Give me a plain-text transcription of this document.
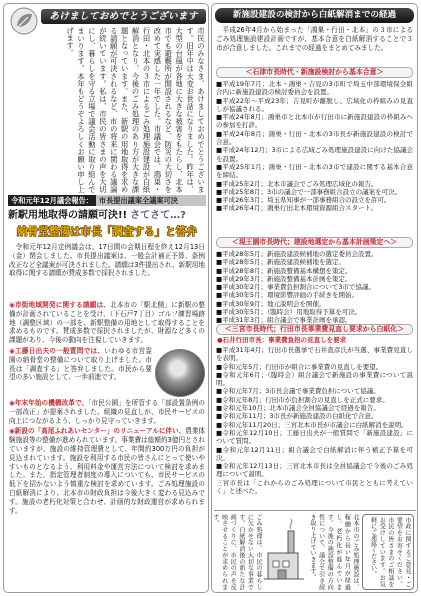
あけましておめでとうございます
市民のみなさま、あけましておめでとうございます。旧年中は大変お世話になりました。昨年は、大型の台風が各地に大きな被害をもたらし、北本市でも避難所が開設されるなど、防災の大切さを改めて実感した一年でした。市議会では、鴻巣・行田・北本の３市によるごみ処理施設建設が白紙解消となり、今後のごみ処理のあり方が大きな課題となっています。また、新駅の用地取得を求める請願が可決されるなど、市の将来に関わる議論が続いています。私は、市民の皆さまの声を大切にし、暮らしを守る立場で議会活動に取り組んでまいります。本年もどうぞよろしくお願い申し上げます。
令和元年12月議会報告： 市長提出議案全議案可決
新駅用地取得の請願可決!! さてさて…?
納骨堂整備は市長「調査する」と答弁
令和元年12月定例議会は、17日間の会期日程を終え12月13日（金）閉会しました。市長提出議案は、一般会計補正予算、条例改正など全議案が可決されました。請願は3件提出され、新駅用地取得に関する請願が賛成多数で採択されました。
◉市街地域開発に関する請願は、北本市の「駅北側」に新駅の整備が計画されていることを受け、（下石戸7丁目）ゴルフ練習場跡地（調整区域）の一部を、新駅整備の用地として取得することを求めるものです。賛成多数で採択されましたが、財源など多くの課題があり、今後の動向を注視していきます。
◉工藤日出夫の一般質問では、いわゆる市営霊園の納骨堂の整備について取り上げました。市長は「調査する」と答弁しました。市民から要望の多い施設として、一歩前進です。
◉年末年始の機構改革で、「市民公園」を所管する「部設置条例の一部改正」が提案されました。組織の見直しが、市民サービスの向上につながるよう、しっかり見守っていきます。
◉新設の「高尾ふれあいセンター」のリニューアルに伴い、農業体験施設等の整備が進められています。事業費は総額約3億円とされていますが、施設の維持管理費として、年間約300万円の負担が見込まれています。施設を利用する市民の皆さんにとって使いやすいものとなるよう、利用料金や運営方法について検討を求めました。また、指定管理者制度の導入についても、市民サービスの低下を招かないよう慎重な検討を求めています。ごみ処理施設の白紙解消により、北本市の財政負担は今後大きく変わる見込みです。施設の老朽化対策と合わせ、計画的な財政運営が求められます。
新施設建設の検討から白紙解消までの経過
平成26年4月から始まった「鴻巣・行田・北本」の３市によるごみ処理施設建設計画ですが、基本合意を白紙解消することで３市が合意しました。これまでの経過をまとめてみました。
＜石津市長時代・新施設検討から基本合意＞

■平成19年7月；北本・鴻巣・吉見の3市町で埼玉中部環境保全組合内に新施設建設の検討委員会を設置。

■平成22年～平成23年；吉見町が離脱し、広域化の枠組みの見直しが協議される。

■平成24年8月；鴻巣市と北本市が行田市に新施設建設の枠組みへの参加を打診。

■平成24年8月；鴻巣・行田・北本の3市長が新施設建設の検討で合意。

■平成24年12月；3市による広域ごみ処理施設建設に向けた協議会を設置。

■平成25年1月；鴻巣・行田・北本の3市で建設に関する基本合意を締結。

■平成25年2月；北本市議会でごみ処理広域化の報告。

■平成25年8月；3市の議会で一部事務組合設立の議案を可決。

■平成26年3月；埼玉県知事が一部事務組合の設立を許可。

■平成26年4月；鴻巣行田北本環境資源組合スタート。

＜現王園市長時代；建設地選定から基本計画策定へ＞

■平成28年5月；新施設建設候補地の選定委員会設置。

■平成28年5月；新施設建設候補地を選定。

■平成28年8月；新施設整備基本構想を策定。

■平成29年3月；新施設整備基本計画を策定。

■平成30年2月；事業費負担割合について3市で協議。

■平成30年5月；環境影響評価の手続きを開始。

■平成30年9月；地元説明会を開催。

■平成30年5月；（臨時会）用地取得予算を可決。

■平成31年3月；組合議会で事業計画を承認。

＜三宮市長時代；行田市長事業費見直し要求から白紙化＞
●石井行田市長：事業費負担の見直しを要求

■平成31年4月；行田市長選挙で石井直彦氏が当選、事業費見直しを表明。

■令和元年5月；行田市が組合に事業費の見直しを要望。

■令和元年6月；（臨時会）組合議会で新施設の事業費について説明。

■令和元年7月；3市長会議で事業費負担について協議。

■令和元年8月；行田市が負担割合の見直しを正式に要求。

■令和元年10月；北本市議会全員協議会で経過を報告。

■令和元年11月；3市長が新施設建設の白紙化で合意。

■令和元年11月20日；三宮北本市長が市議会に白紙解消を説明。

■令和元年12月10日；工藤日出夫が一般質問で「新施設建設」について質問。

■令和元年12月11日；組合議会で白紙解消に伴う補正予算を可決。

■令和元年12月13日；三宮北本市長は全員協議会で今後のごみ処理について説明。

三宮市長は「これからのごみ処理について市民とともに考えていく」と述べた。

ごみ処理は、市民の暮らしに欠かせない大切な事業です。白紙解消後の新たな計画づくりに、市民の声を反映させることが求められます。	北本市のごみ処理施設は、稼働から長い年月が経過し、老朽化が進んでいます。今後の施設整備の方向性について、議会で引き続き取り上げていきます。	市政に関するご意見・ご要望をお寄せください。市民の皆さまのご相談をお受けしています。お気軽にご連絡ください。
